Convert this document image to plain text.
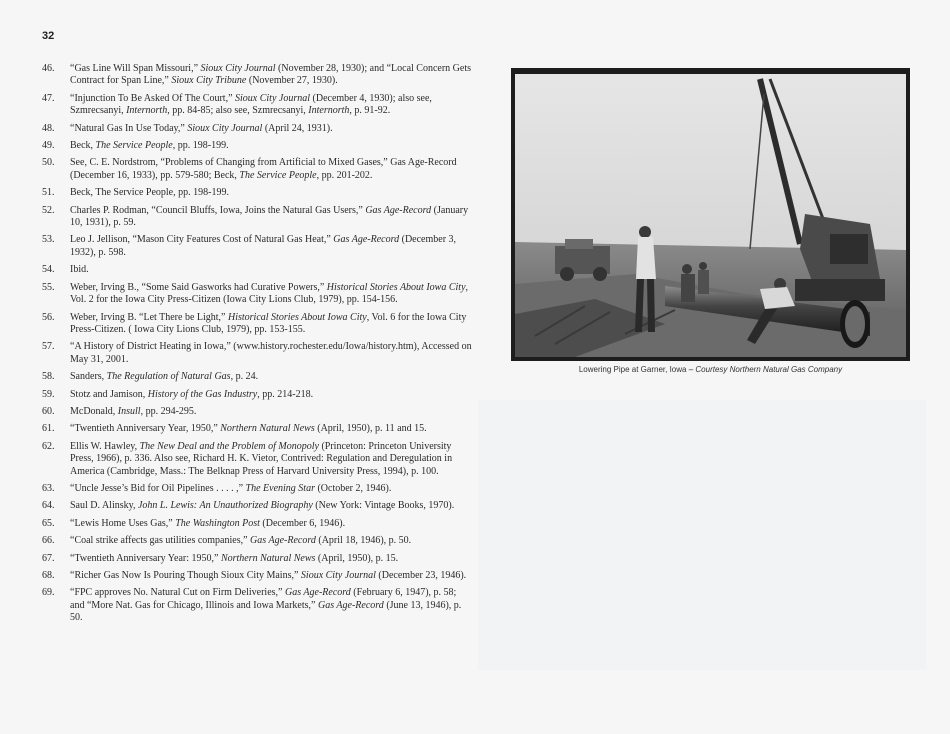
32
46.	“Gas Line Will Span Missouri,” Sioux City Journal (November 28, 1930); and “Local Concern Gets Contract for Span Line,” Sioux City Tribune (November 27, 1930).
47.	“Injunction To Be Asked Of The Court,” Sioux City Journal (December 4, 1930); also see, Szmrecsanyi, Internorth, pp. 84-85; also see, Szmrecsanyi, Internorth, p. 91-92.
48.	“Natural Gas In Use Today,” Sioux City Journal (April 24, 1931).
49.	Beck, The Service People, pp. 198-199.
50.	See, C. E. Nordstrom, “Problems of Changing from Artificial to Mixed Gases,” Gas Age-Record (December 16, 1933), pp. 579-580; Beck, The Service People, pp. 201-202.
51.	Beck, The Service People, pp. 198-199.
52.	Charles P. Rodman, “Council Bluffs, Iowa, Joins the Natural Gas Users,” Gas Age-Record (January 10, 1931), p. 59.
53.	Leo J. Jellison, “Mason City Features Cost of Natural Gas Heat,” Gas Age-Record (December 3, 1932), p. 598.
54.	Ibid.
55.	Weber, Irving B., “Some Said Gasworks had Curative Powers,” Historical Stories About Iowa City, Vol. 2 for the Iowa City Press-Citizen (Iowa City Lions Club, 1979), pp. 154-156.
56.	Weber, Irving B. “Let There be Light,” Historical Stories About Iowa City, Vol. 6 for the Iowa City Press-Citizen. ( Iowa City Lions Club, 1979), pp. 153-155.
57.	“A History of District Heating in Iowa,” (www.history.rochester.edu/Iowa/history.htm), Accessed on May 31, 2001.
58.	Sanders, The Regulation of Natural Gas, p. 24.
59.	Stotz and Jamison, History of the Gas Industry, pp. 214-218.
60.	McDonald, Insull, pp. 294-295.
61.	“Twentieth Anniversary Year, 1950,” Northern Natural News (April, 1950), p. 11 and 15.
62.	Ellis W. Hawley, The New Deal and the Problem of Monopoly (Princeton: Princeton University Press, 1966), p. 336. Also see, Richard H. K. Vietor, Contrived: Regulation and Deregulation in America (Cambridge, Mass.: The Belknap Press of Harvard University Press, 1994), p. 100.
63.	“Uncle Jesse’s Bid for Oil Pipelines . . . . ,” The Evening Star (October 2, 1946).
64.	Saul D. Alinsky, John L. Lewis: An Unauthorized Biography (New York: Vintage Books, 1970).
65.	“Lewis Home Uses Gas,” The Washington Post (December 6, 1946).
66.	“Coal strike affects gas utilities companies,” Gas Age-Record (April 18, 1946), p. 50.
67.	“Twentieth Anniversary Year: 1950,” Northern Natural News (April, 1950), p. 15.
68.	“Richer Gas Now Is Pouring Though Sioux City Mains,” Sioux City Journal (December 23, 1946).
69.	“FPC approves No. Natural Cut on Firm Deliveries,” Gas Age-Record (February 6, 1947), p. 58; and “More Nat. Gas for Chicago, Illinois and Iowa Markets,” Gas Age-Record (June 13, 1946), p. 50.
Lowering Pipe at Garner, Iowa – Courtesy Northern Natural Gas Company
